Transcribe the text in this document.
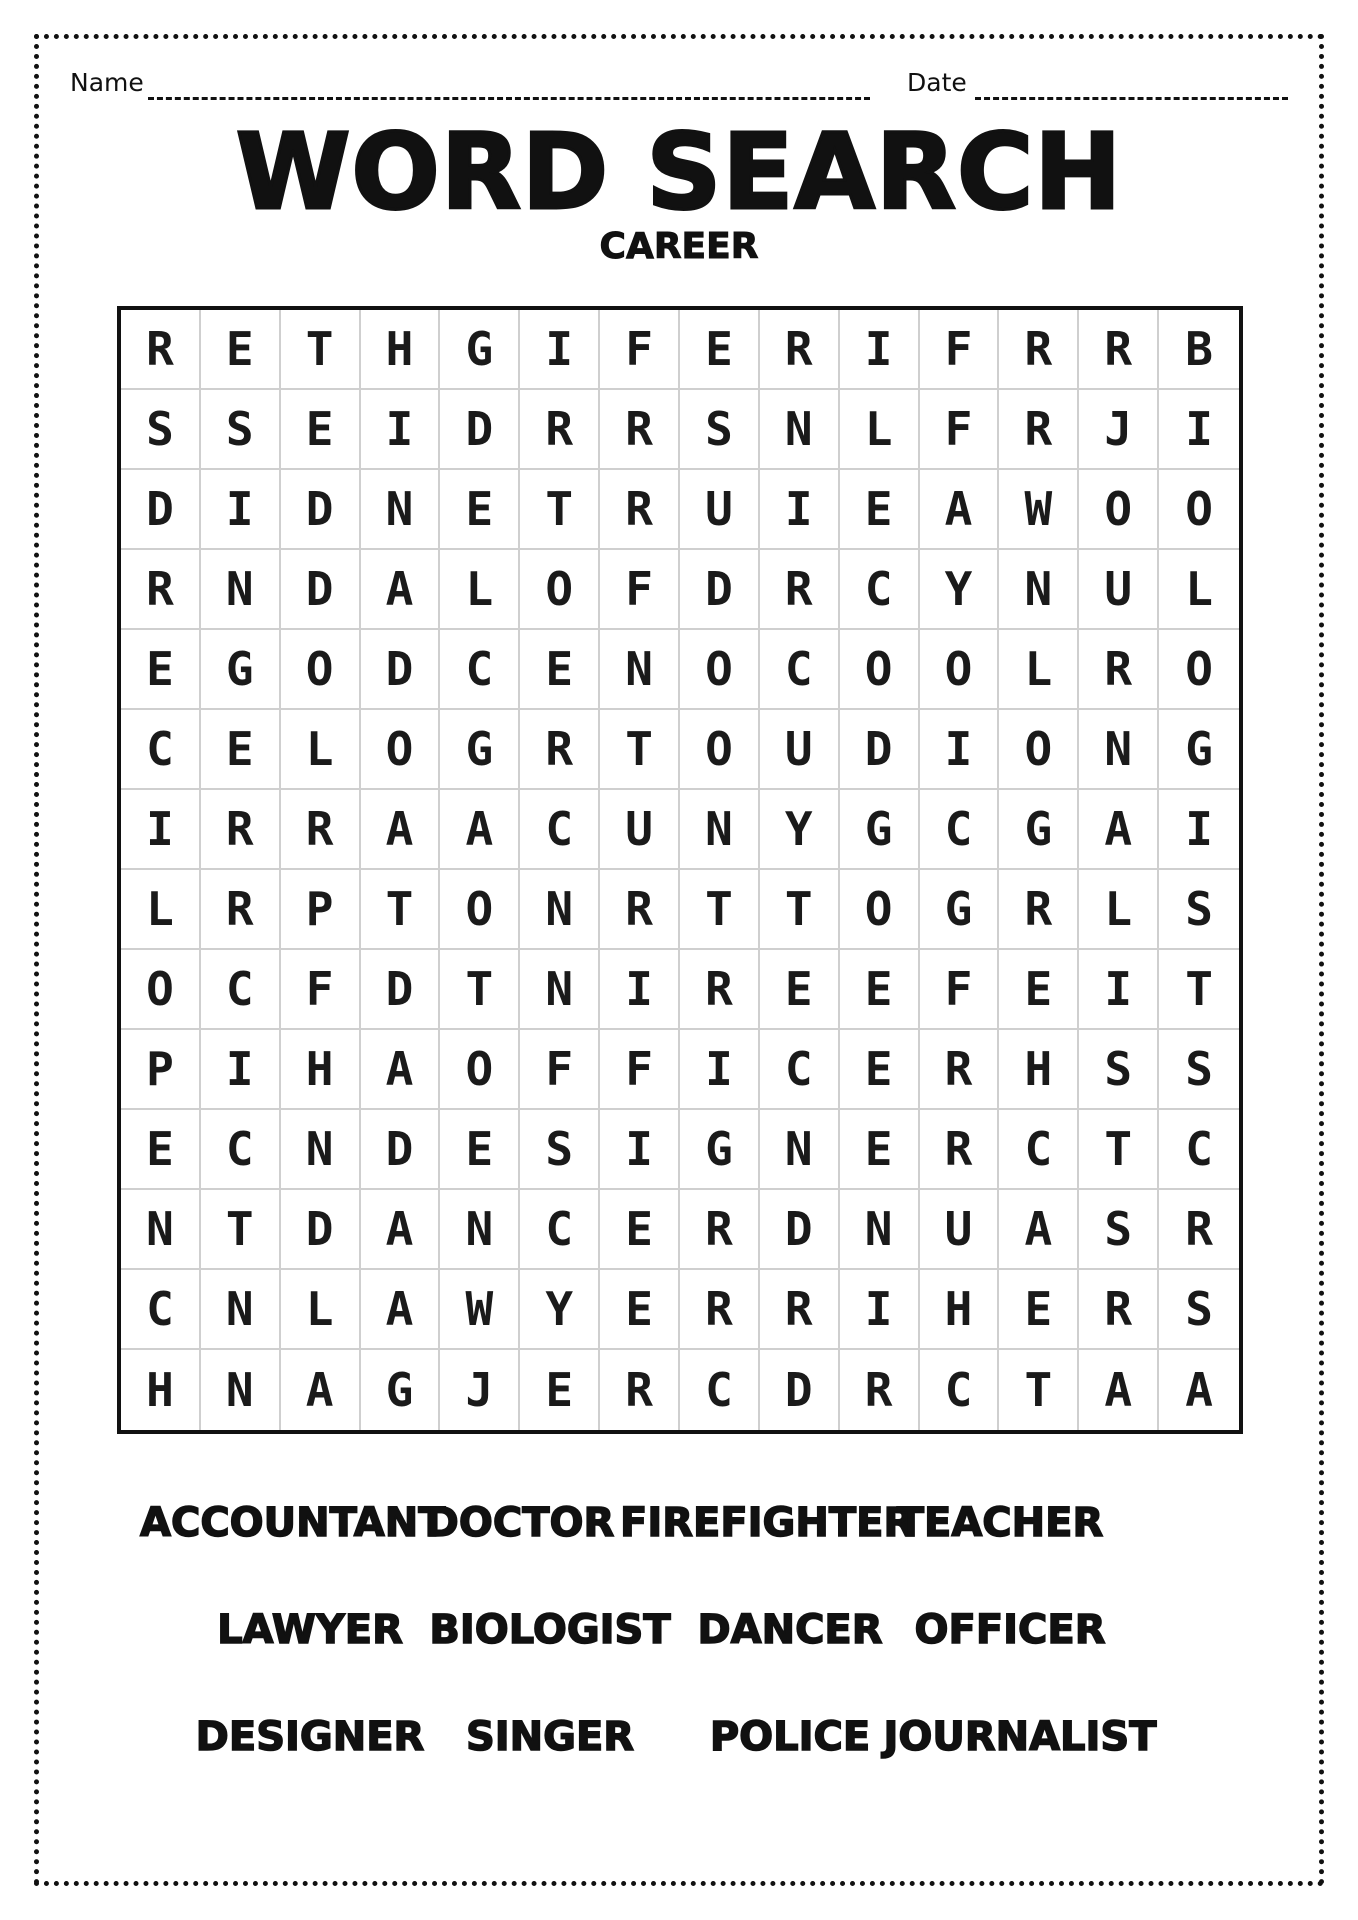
Name	Date
WORD SEARCH
CAREER
R	E	T	H	G	I	F	E	R	I	F	R	R	B
S	S	E	I	D	R	R	S	N	L	F	R	J	I
D	I	D	N	E	T	R	U	I	E	A	W	O	O
R	N	D	A	L	O	F	D	R	C	Y	N	U	L
E	G	O	D	C	E	N	O	C	O	O	L	R	O
C	E	L	O	G	R	T	O	U	D	I	O	N	G
I	R	R	A	A	C	U	N	Y	G	C	G	A	I
L	R	P	T	O	N	R	T	T	O	G	R	L	S
O	C	F	D	T	N	I	R	E	E	F	E	I	T
P	I	H	A	O	F	F	I	C	E	R	H	S	S
E	C	N	D	E	S	I	G	N	E	R	C	T	C
N	T	D	A	N	C	E	R	D	N	U	A	S	R
C	N	L	A	W	Y	E	R	R	I	H	E	R	S
H	N	A	G	J	E	R	C	D	R	C	T	A	A
ACCOUNTANT
DOCTOR FIREFIGHTER
TEACHER
LAWYER BIOLOGIST DANCER OFFICER
DESIGNER	SINGER	POLICE JOURNALIST
